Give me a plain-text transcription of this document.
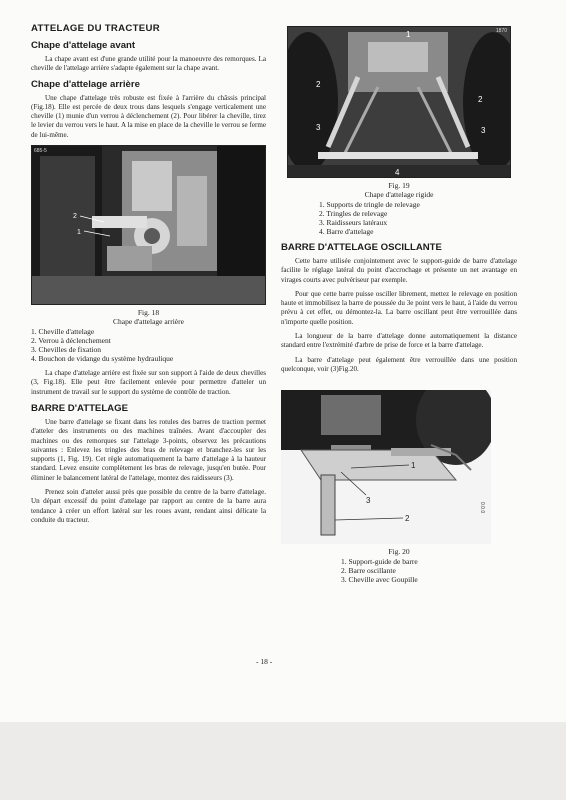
ATTELAGE DU TRACTEUR
Chape d'attelage avant

La chape avant est d'une grande utilité pour la manoeuvre des remorques. La cheville de l'attelage arrière s'adapte également sur la chape avant.

Chape d'attelage arrière

Une chape d'attelage très robuste est fixée à l'arrière du châssis principal (Fig.18). Elle est percée de deux trous dans lesquels s'engage verticalement une cheville (1) munie d'un verrou à déclenchement (2). Pour libérer la cheville, tirez le levier du verrou vers le haut. A la mise en place de la cheville le verrou se ferme de lui-même.

2
1
685-5
Fig. 18
Chape d'attelage arrière
1. Cheville d'attelage
2. Verrou à déclenchement
3. Chevilles de fixation
4. Bouchon de vidange du système hydraulique

La chape d'attelage arrière est fixée sur son support à l'aide de deux chevilles (3, Fig.18). Elle peut être facilement enlevée pour permettre d'atteler un instrument de travail sur le support du système de contrôle de traction.

BARRE D'ATTELAGE

Une barre d'attelage se fixant dans les rotules des barres de traction permet d'atteler des instruments ou des machines traînées. Avant d'accoupler des machines ou des remorques sur l'attelage 3-points, observez les précautions suivantes : Enlevez les tringles des bras de relevage et branchez-les sur les supports (1, Fig. 19). Cet règle automatiquement la barre d'attelage à la hauteur standard. Levez ensuite complètement les bras de relevage, jusqu'en butée. Pour éliminer le balancement latéral de l'attelage, montez des raidisseurs (3).

Prenez soin d'atteler aussi près que possible du centre de la barre d'attelage. Un départ excessif du point d'attelage par rapport au centre de la barre aura tendance à créer un effort latéral sur les roues avant, rendant ainsi délicate la conduite du tracteur.

1
2
2
3	3
4
1870
Fig. 19
Chape d'attelage rigide
1. Supports de tringle de relevage
2. Tringles de relevage
3. Raidisseurs latéraux
4. Barre d'attelage
BARRE D'ATTELAGE OSCILLANTE

Cette barre utilisée conjointement avec le support-guide de barre d'attelage facilite le réglage latéral du point d'accrochage et présente un net avantage en virages courts avec pulvériseur par exemple.

Pour que cette barre puisse osciller librement, mettez le relevage en position haute et immobilisez la barre de poussée du 3e point vers le haut, à l'aide du verrou prévu à cet effet, ou démontez-la. La barre oscillant peut être verrouillée dans n'importe quelle position.

La longueur de la barre d'attelage donne automatiquement la distance standard entre l'extrémité d'arbre de prise de force et la barre d'attelage.

La barre d'attelage peut également être verrouillée dans une position quelconque, voir (3)Fig.20.

1
3
2
0.0.0
Fig. 20
1. Support-guide de barre
2. Barre oscillante
3. Cheville avec Goupille
- 18 -
